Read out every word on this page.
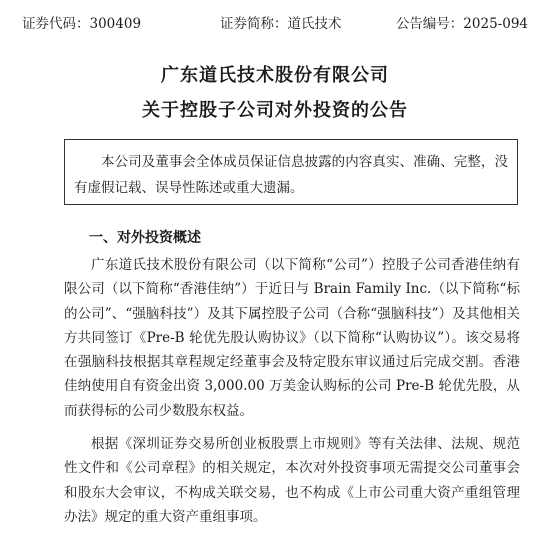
证券代码：300409	证券简称：道氏技术	公告编号：2025-094
广东道氏技术股份有限公司
关于控股子公司对外投资的公告

本公司及董事会全体成员保证信息披露的内容真实、准确、完整，没有虚假记载、误导性陈述或重大遗漏。

一、对外投资概述

广东道氏技术股份有限公司（以下简称“公司”）控股子公司香港佳纳有限公司（以下简称“香港佳纳”）于近日与 Brain Family Inc.（以下简称“标的公司”、“强脑科技”）及其下属控股子公司（合称“强脑科技”）及其他相关方共同签订《Pre-B 轮优先股认购协议》（以下简称“认购协议”）。该交易将在强脑科技根据其章程规定经董事会及特定股东审议通过后完成交割。香港佳纳使用自有资金出资 3,000.00 万美金认购标的公司 Pre-B 轮优先股，从而获得标的公司少数股东权益。

根据《深圳证券交易所创业板股票上市规则》等有关法律、法规、规范性文件和《公司章程》的相关规定，本次对外投资事项无需提交公司董事会和股东大会审议，不构成关联交易，也不构成《上市公司重大资产重组管理办法》规定的重大资产重组事项。
